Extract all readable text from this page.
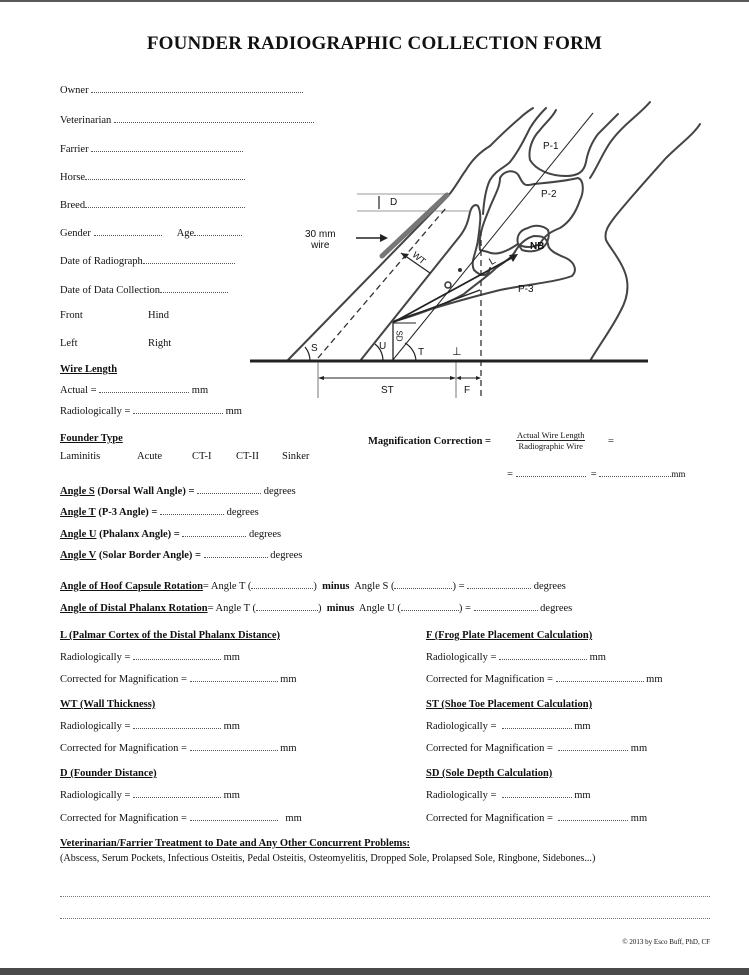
FOUNDER RADIOGRAPHIC COLLECTION FORM
Owner
Veterinarian
Farrier
Horse
Breed
Gender	Age
Date of Radiograph
Date of Data Collection
Front	Hind
Left	Right
P-1
P-2
P-3
NB
D
30 mm
wire
WT	L
SD
S	U
T	⊥
ST	F
Wire Length
Actual =	mm
Radiologically =	mm
Founder Type
Laminitis	Acute	CT-I CT-II Sinker
Magnification Correction =
Actual Wire Length
Radiographic Wire =
=	=	mm
Angle S (Dorsal Wall Angle) =	degrees
Angle T (P-3 Angle) =	degrees
Angle U (Phalanx Angle) =	degrees
Angle V (Solar Border Angle) =	degrees
Angle of Hoof Capsule Rotation= Angle T (	)  minus Angle S (	) =	degrees
Angle of Distal Phalanx Rotation= Angle T (	)  minus Angle U (	) =	degrees
L (Palmar Cortex of the Distal Phalanx Distance)
Radiologically =	mm
Corrected for Magnification =	mm
WT (Wall Thickness)
Radiologically =	mm
Corrected for Magnification =	mm
D (Founder Distance)
Radiologically =	mm
Corrected for Magnification =	mm
F (Frog Plate Placement Calculation)
Radiologically =	mm
Corrected for Magnification =	mm
ST (Shoe Toe Placement Calculation)
Radiologically =	mm
Corrected for Magnification =	mm
SD (Sole Depth Calculation)
Radiologically =	mm
Corrected for Magnification =	mm
Veterinarian/Farrier Treatment to Date and Any Other Concurrent Problems:
(Abscess, Serum Pockets, Infectious Osteitis, Pedal Osteitis, Osteomyelitis, Dropped Sole, Prolapsed Sole, Ringbone, Sidebones...)
© 2013 by Esco Buff, PhD, CF
